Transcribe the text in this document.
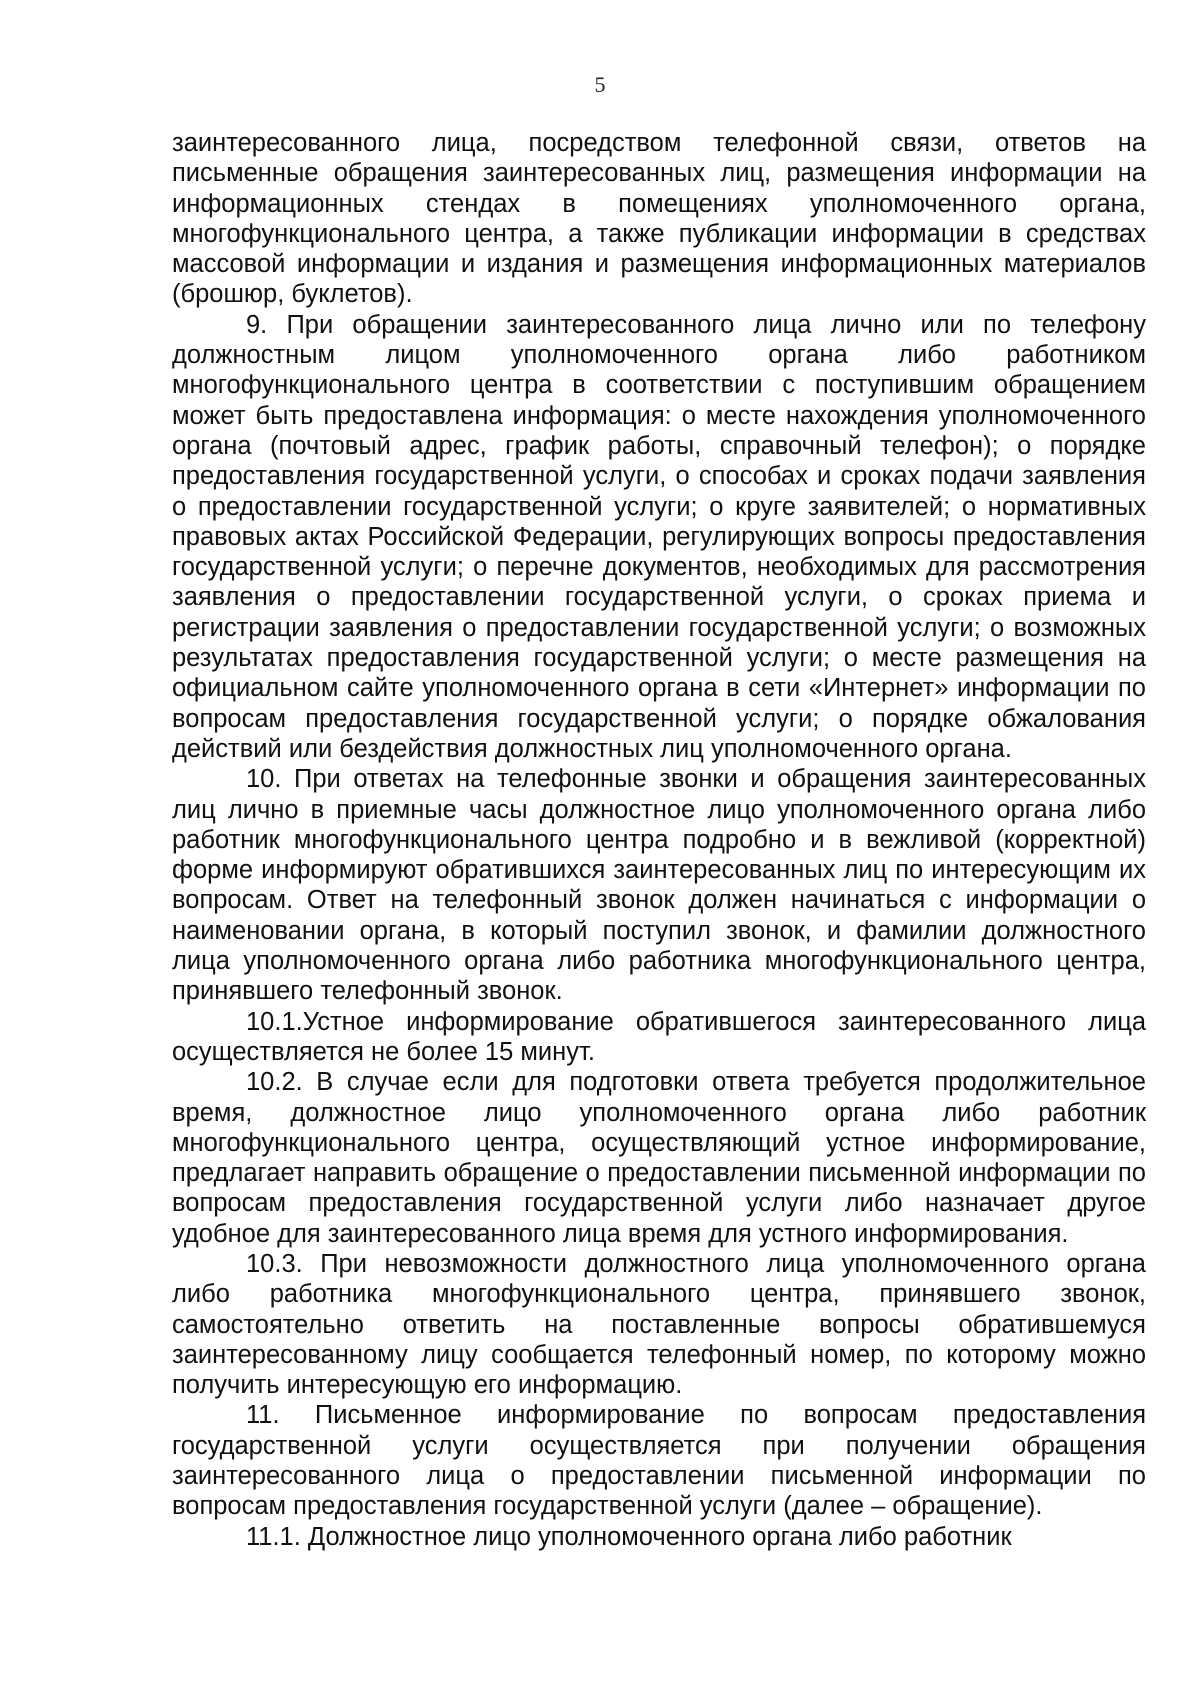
5

заинтересованного лица, посредством телефонной связи, ответов на письменные обращения заинтересованных лиц, размещения информации на информационных стендах в помещениях уполномоченного органа, многофункционального центра, а также публикации информации в средствах массовой информации и издания и размещения информационных материалов (брошюр, буклетов).

9. При обращении заинтересованного лица лично или по телефону должностным лицом уполномоченного органа либо работником многофункционального центра в соответствии с поступившим обращением может быть предоставлена информация: о месте нахождения уполномоченного органа (почтовый адрес, график работы, справочный телефон); о порядке предоставления государственной услуги, о способах и сроках подачи заявления о предоставлении государственной услуги; о круге заявителей; о нормативных правовых актах Российской Федерации, регулирующих вопросы предоставления государственной услуги; о перечне документов, необходимых для рассмотрения заявления о предоставлении государственной услуги, о сроках приема и регистрации заявления о предоставлении государственной услуги; о возможных результатах предоставления государственной услуги; о месте размещения на официальном сайте уполномоченного органа в сети «Интернет» информации по вопросам предоставления государственной услуги; о порядке обжалования действий или бездействия должностных лиц уполномоченного органа.

10. При ответах на телефонные звонки и обращения заинтересованных лиц лично в приемные часы должностное лицо уполномоченного органа либо работник многофункционального центра подробно и в вежливой (корректной) форме информируют обратившихся заинтересованных лиц по интересующим их вопросам. Ответ на телефонный звонок должен начинаться с информации о наименовании органа, в который поступил звонок, и фамилии должностного лица уполномоченного органа либо работника многофункционального центра, принявшего телефонный звонок.

10.1.Устное информирование обратившегося заинтересованного лица осуществляется не более 15 минут.

10.2. В случае если для подготовки ответа требуется продолжительное время, должностное лицо уполномоченного органа либо работник многофункционального центра, осуществляющий устное информирование, предлагает направить обращение о предоставлении письменной информации по вопросам предоставления государственной услуги либо назначает другое удобное для заинтересованного лица время для устного информирования.

10.3. При невозможности должностного лица уполномоченного органа либо работника многофункционального центра, принявшего звонок, самостоятельно ответить на поставленные вопросы обратившемуся заинтересованному лицу сообщается телефонный номер, по которому можно получить интересующую его информацию.

11. Письменное информирование по вопросам предоставления государственной услуги осуществляется при получении обращения заинтересованного лица о предоставлении письменной информации по вопросам предоставления государственной услуги (далее – обращение).

11.1. Должностное лицо уполномоченного органа либо работник
